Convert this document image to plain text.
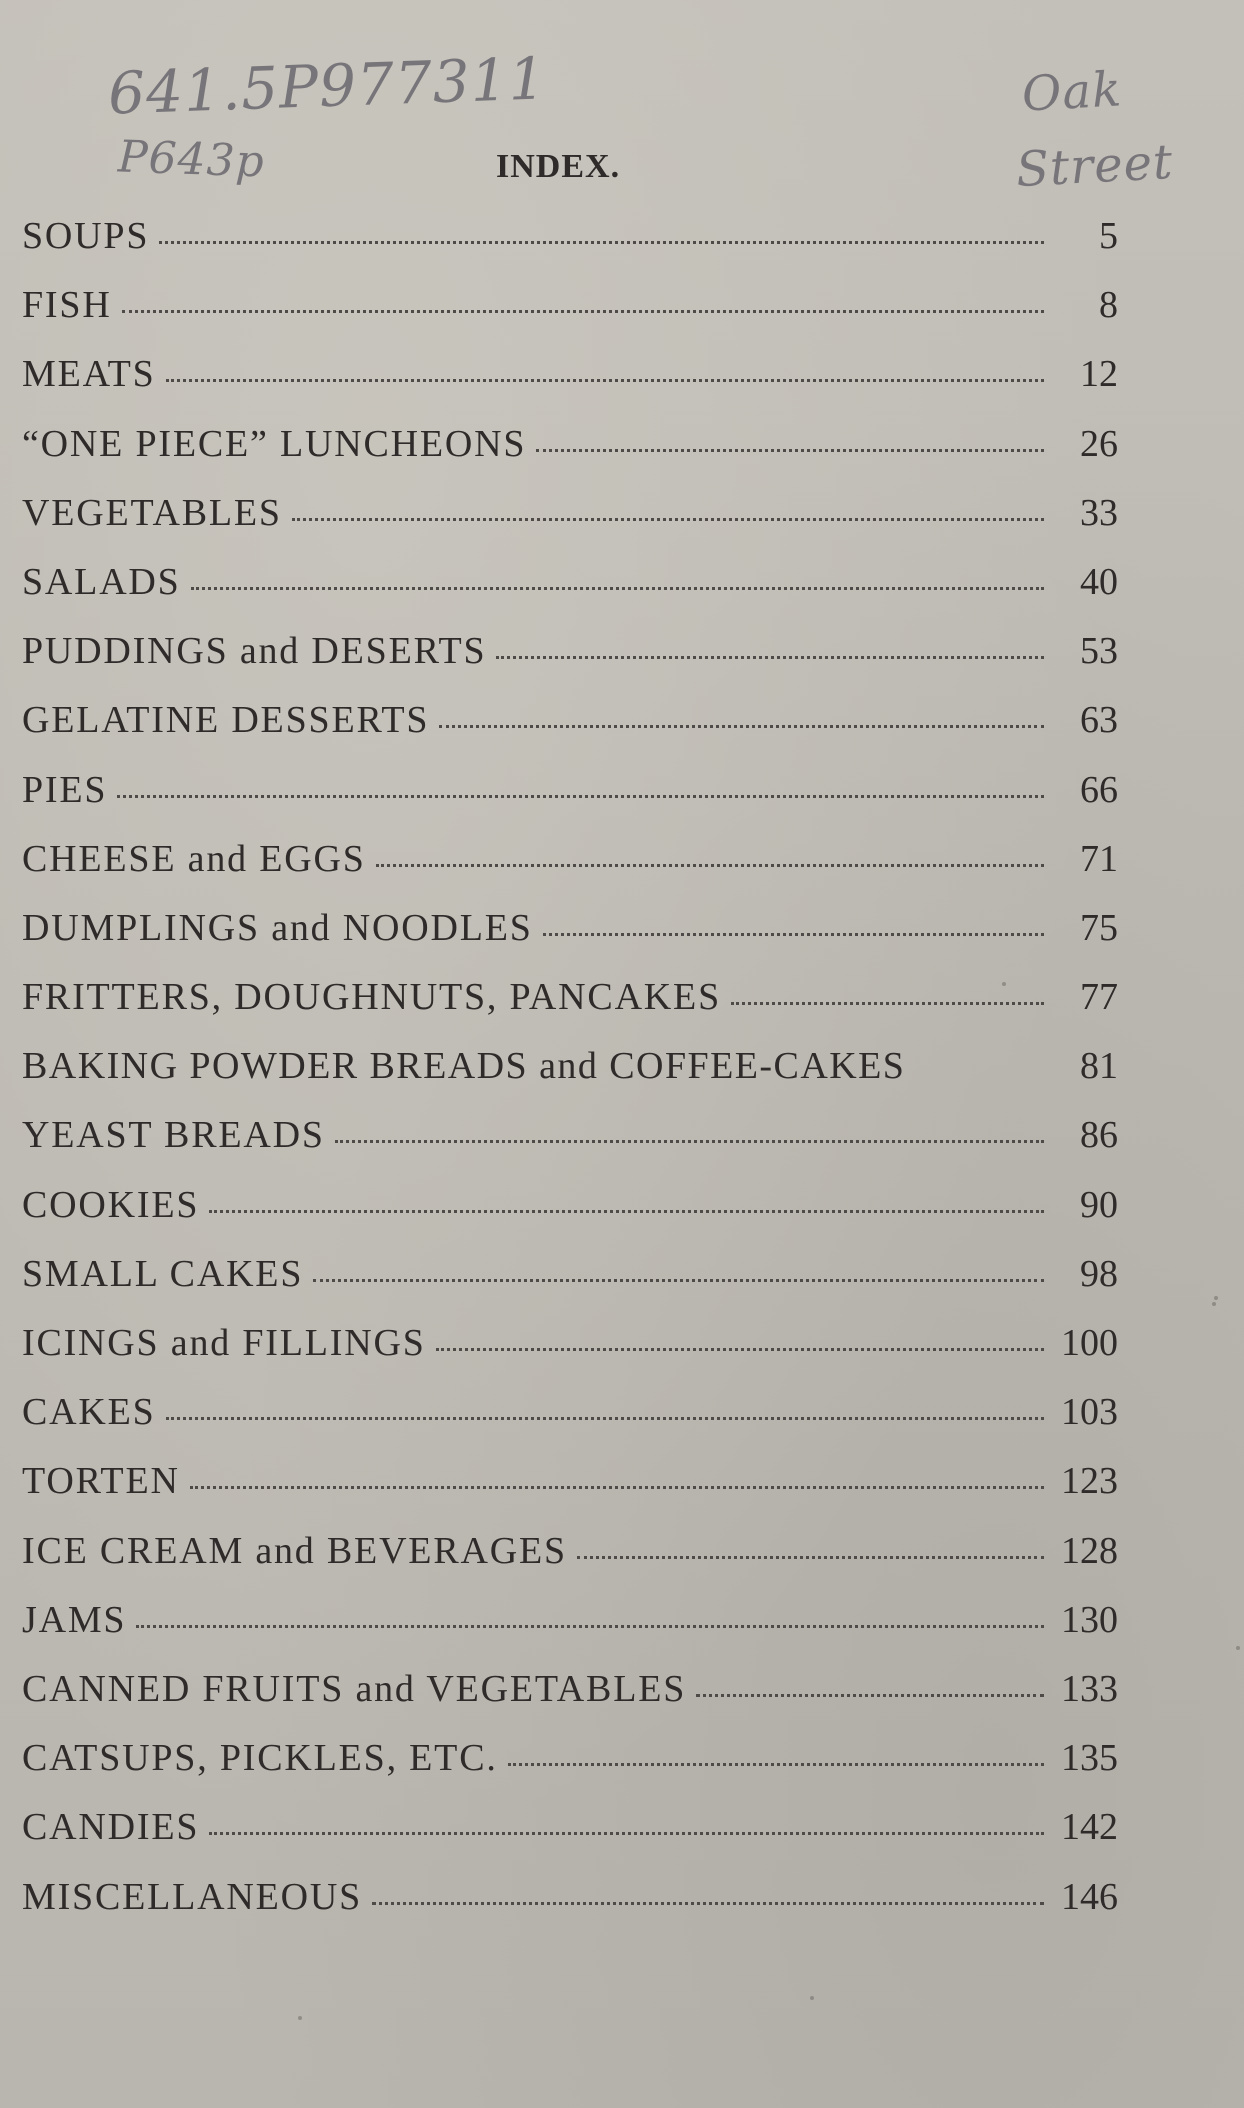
641.5P977311

P643p

Oak

Street

INDEX.
SOUPS	5
FISH	8
MEATS	12
“ONE PIECE” LUNCHEONS	26
VEGETABLES	33
SALADS	40
PUDDINGS and DESERTS	53
GELATINE DESSERTS	63
PIES	66
CHEESE and EGGS	71
DUMPLINGS and NOODLES	75
FRITTERS, DOUGHNUTS, PANCAKES	77
BAKING POWDER BREADS and COFFEE-CAKES	81
YEAST BREADS	86
COOKIES	90
SMALL CAKES	98
ICINGS and FILLINGS	100
CAKES	103
TORTEN	123
ICE CREAM and BEVERAGES	128
JAMS	130
CANNED FRUITS and VEGETABLES	133
CATSUPS, PICKLES, ETC.	135
CANDIES	142
MISCELLANEOUS	146
